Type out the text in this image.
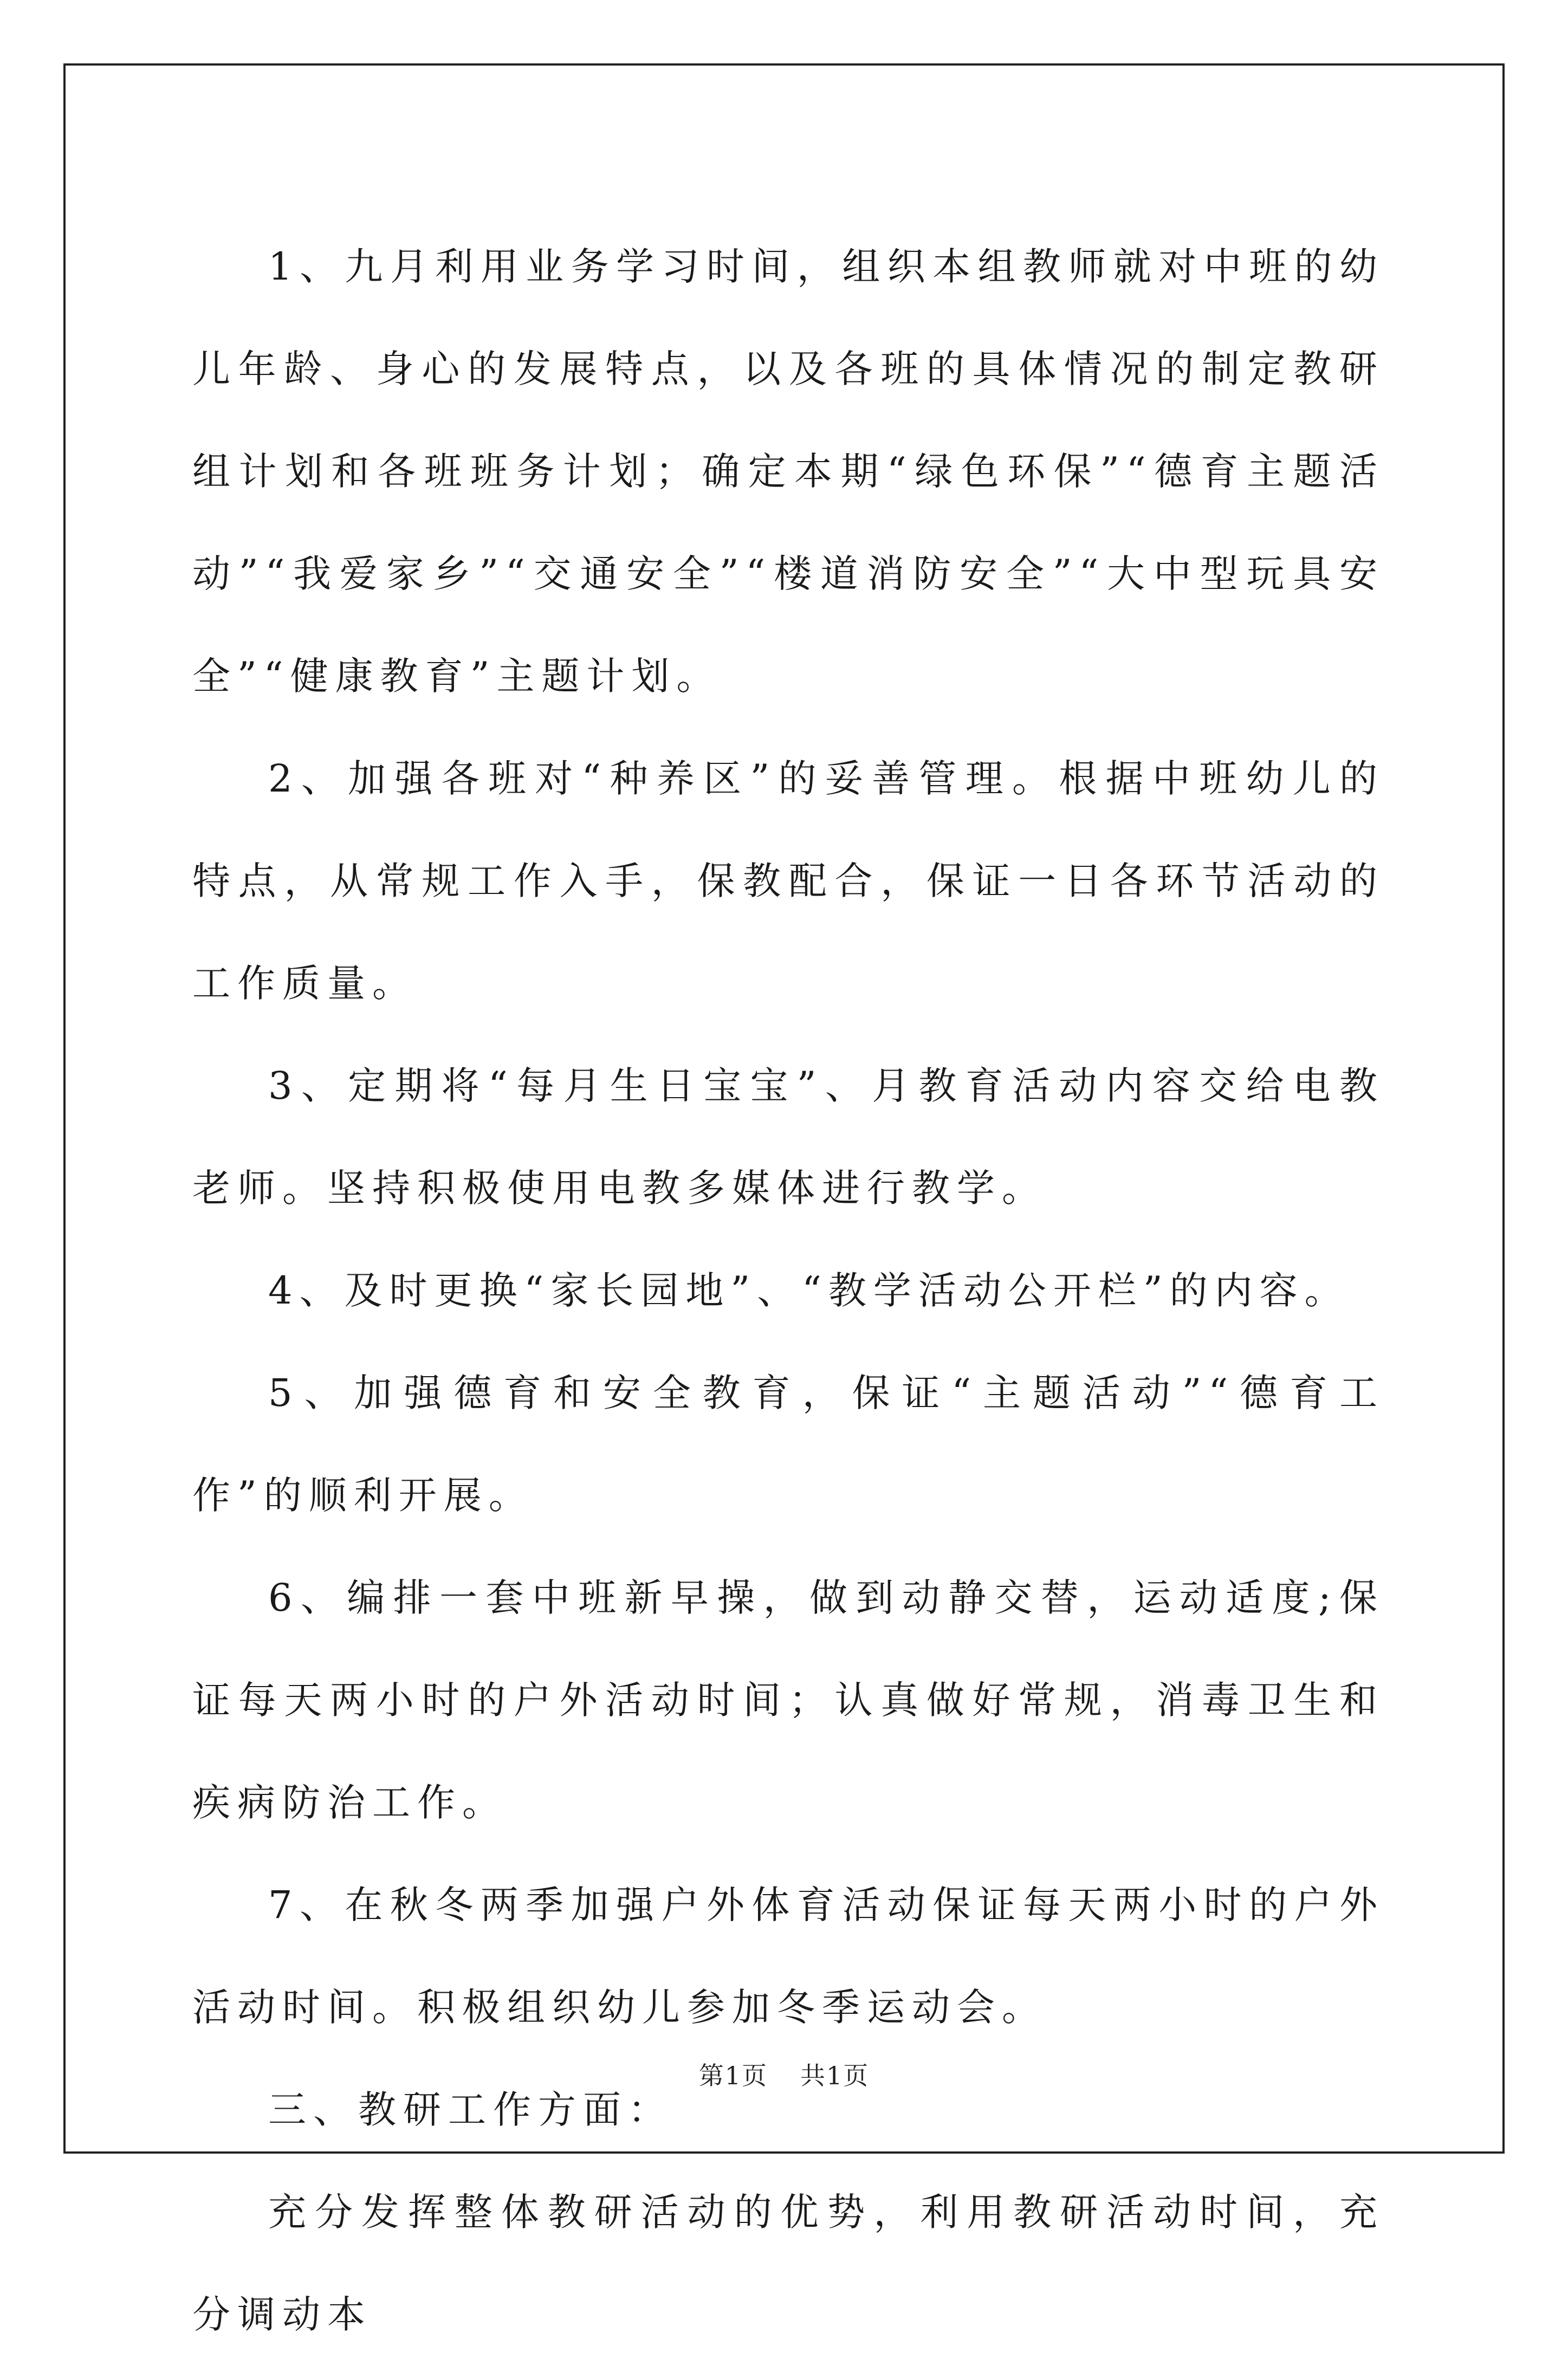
1、九月利用业务学习时间，组织本组教师就对中班的幼儿年龄、身心的发展特点，以及各班的具体情况的制定教研组计划和各班班务计划；确定本期“绿色环保”“德育主题活动”“我爱家乡”“交通安全”“楼道消防安全”“大中型玩具安全”“健康教育”主题计划。

2、加强各班对“种养区”的妥善管理。根据中班幼儿的特点，从常规工作入手，保教配合，保证一日各环节活动的工作质量。

3、定期将“每月生日宝宝”、月教育活动内容交给电教老师。坚持积极使用电教多媒体进行教学。

4、及时更换“家长园地”、“教学活动公开栏”的内容。

5、加强德育和安全教育，保证“主题活动”“德育工作”的顺利开展。

6、编排一套中班新早操，做到动静交替，运动适度;保证每天两小时的户外活动时间；认真做好常规，消毒卫生和疾病防治工作。

7、在秋冬两季加强户外体育活动保证每天两小时的户外活动时间。积极组织幼儿参加冬季运动会。

三、教研工作方面：

充分发挥整体教研活动的优势，利用教研活动时间，充分调动本

第1页 共1页
